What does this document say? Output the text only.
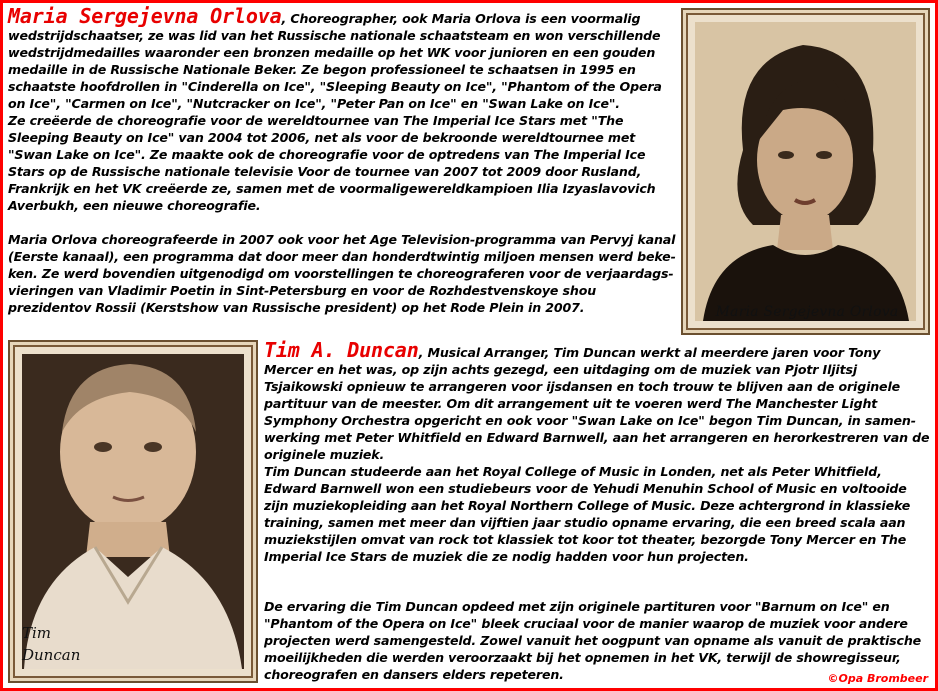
Maria Sergejevna Orlova, Choreographer, ook Maria Orlova is een voormalig wedstrijdschaatser, ze was lid van het Russische nationale schaatsteam en won verschillende wedstrijdmedailles waaronder een bronzen medaille op het WK voor junioren en een gouden medaille in de Russische Nationale Beker. Ze begon professioneel te schaatsen in 1995 en schaatste hoofdrollen in "Cinderella on Ice", "Sleeping Beauty on Ice", "Phantom of the Opera on Ice", "Carmen on Ice", "Nutcracker on Ice", "Peter Pan on Ice" en "Swan Lake on Ice".

Ze creëerde de choreografie voor de wereldtournee van The Imperial Ice Stars met "The Sleeping Beauty on Ice" van 2004 tot 2006, net als voor de bekroonde wereldtournee met "Swan Lake on Ice". Ze maakte ook de choreografie voor de optredens van The Imperial Ice Stars op de Russische nationale televisie Voor de tournee van 2007 tot 2009 door Rusland, Frankrijk en het VK creëerde ze, samen met de voormaligewereldkampioen Ilia Izyaslavovich Averbukh, een nieuwe choreografie.

Maria Orlova choreografeerde in 2007 ook voor het Age Television-programma van Pervyj kanal (Eerste kanaal), een programma dat door meer dan honderdtwintig miljoen mensen werd beke-ken. Ze werd bovendien uitgenodigd om voorstellingen te choreograferen voor de verjaardags-vieringen van Vladimir Poetin in Sint-Petersburg en voor de Rozhdestvenskoye shou prezidentov Rossii (Kerstshow van Russische president) op het Rode Plein in 2007.	Maria Sergejevna Orlova
Tim
Duncan

Tim A. Duncan, Musical Arranger, Tim Duncan werkt al meerdere jaren voor Tony Mercer en het was, op zijn achts gezegd, een uitdaging om de muziek van Pjotr Iljitsj Tsjaikowski opnieuw te arrangeren voor ijsdansen en toch trouw te blijven aan de originele partituur van de meester. Om dit arrangement uit te voeren werd The Manchester Light Symphony Orchestra opgericht en ook voor "Swan Lake on Ice" begon Tim Duncan, in samen-werking met Peter Whitfield en Edward Barnwell, aan het arrangeren en herorkestreren van de originele muziek.

Tim Duncan studeerde aan het Royal College of Music in Londen, net als Peter Whitfield, Edward Barnwell won een studiebeurs voor de Yehudi Menuhin School of Music en voltooide zijn muziekopleiding aan het Royal Northern College of Music. Deze achtergrond in klassieke training, samen met meer dan vijftien jaar studio opname ervaring, die een breed scala aan muziekstijlen omvat van rock tot klassiek tot koor tot theater, bezorgde Tony Mercer en The Imperial Ice Stars de muziek die ze nodig hadden voor hun projecten.

De ervaring die Tim Duncan opdeed met zijn originele partituren voor "Barnum on Ice" en "Phantom of the Opera on Ice" bleek cruciaal voor de manier waarop de muziek voor andere projecten werd samengesteld. Zowel vanuit het oogpunt van opname als vanuit de praktische moeilijkheden die werden veroorzaakt bij het opnemen in het VK, terwijl de showregisseur, choreografen en dansers elders repeteren.	©Opa Brombeer
